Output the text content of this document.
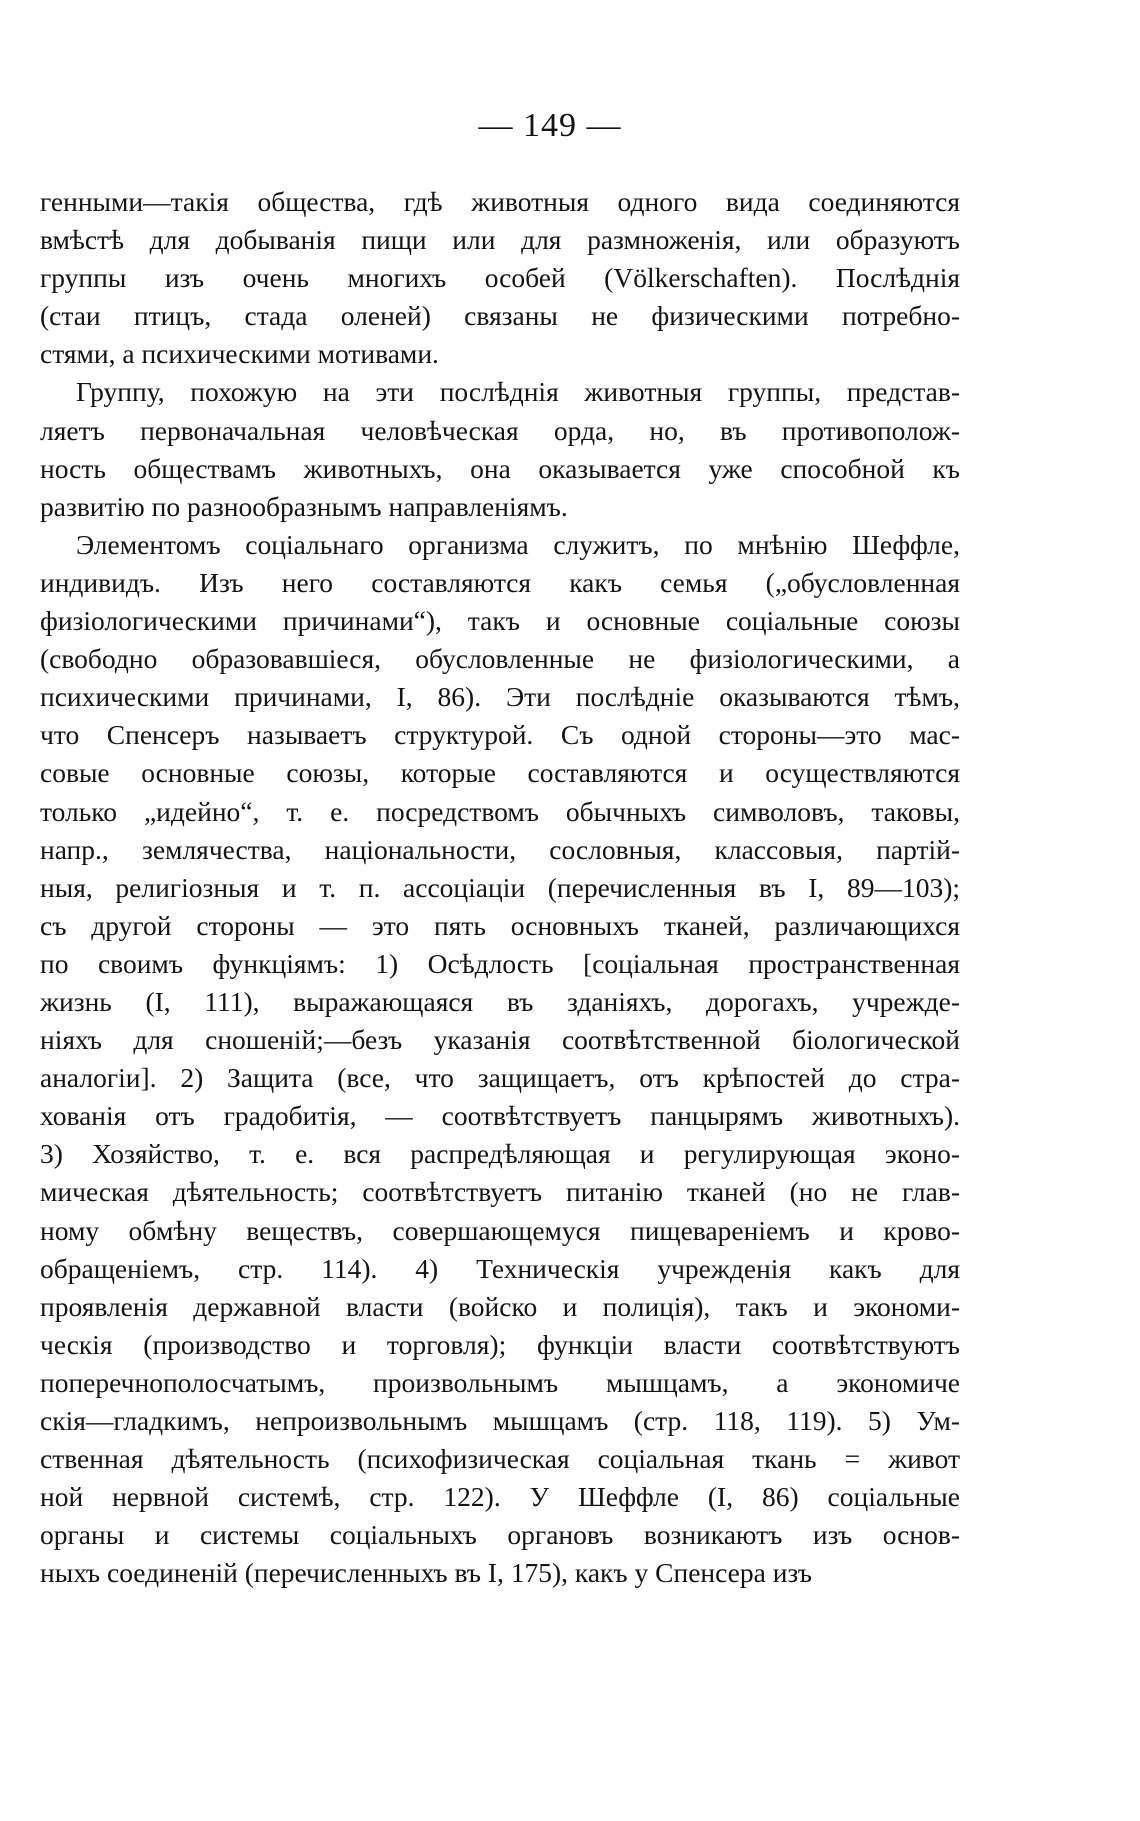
— 149 —
генными—такія общества, гдѣ животныя одного вида соединяются
вмѣстѣ для добыванія пищи или для размноженія, или образуютъ
группы изъ очень многихъ особей (Völkerschaften). Послѣднія
(стаи птицъ, стада оленей) связаны не физическими потребно-
стями, а психическими мотивами.
Группу, похожую на эти послѣднія животныя группы, представ-
ляетъ первоначальная человѣческая орда, но, въ противополож-
ность обществамъ животныхъ, она оказывается уже способной къ
развитію по разнообразнымъ направленіямъ.
Элементомъ соціальнаго организма служитъ, по мнѣнію Шеффле,
индивидъ. Изъ него составляются какъ семья („обусловленная
физіологическими причинами“), такъ и основные соціальные союзы
(свободно образовавшіеся, обусловленные не физіологическими, а
психическими причинами, I, 86). Эти послѣдніе оказываются тѣмъ,
что Спенсеръ называетъ структурой. Съ одной стороны—это мас-
совые основные союзы, которые составляются и осуществляются
только „идейно“, т. е. посредствомъ обычныхъ символовъ, таковы,
напр., землячества, національности, сословныя, классовыя, партій-
ныя, религіозныя и т. п. ассоціаціи (перечисленныя въ I, 89—103);
съ другой стороны — это пять основныхъ тканей, различающихся
по своимъ функціямъ: 1) Осѣдлость [соціальная пространственная
жизнь (I, 111), выражающаяся въ зданіяхъ, дорогахъ, учрежде-
ніяхъ для сношеній;—безъ указанія соотвѣтственной біологической
аналогіи]. 2) Защита (все, что защищаетъ, отъ крѣпостей до стра-
хованія отъ градобитія, — соотвѣтствуетъ панцырямъ животныхъ).
3) Хозяйство, т. е. вся распредѣляющая и регулирующая эконо-
мическая дѣятельность; соотвѣтствуетъ питанію тканей (но не глав-
ному обмѣну веществъ, совершающемуся пищевареніемъ и крово-
обращеніемъ, стр. 114). 4) Техническія учрежденія какъ для
проявленія державной власти (войско и полиція), такъ и экономи-
ческія (производство и торговля); функціи власти соотвѣтствуютъ
поперечнополосчатымъ, произвольнымъ мышцамъ, а экономиче
скія—гладкимъ, непроизвольнымъ мышцамъ (стр. 118, 119). 5) Ум-
ственная дѣятельность (психофизическая соціальная ткань = живот
ной нервной системѣ, стр. 122). У Шеффле (I, 86) соціальные
органы и системы соціальныхъ органовъ возникаютъ изъ основ-
ныхъ соединеній (перечисленныхъ въ I, 175), какъ у Спенсера изъ
